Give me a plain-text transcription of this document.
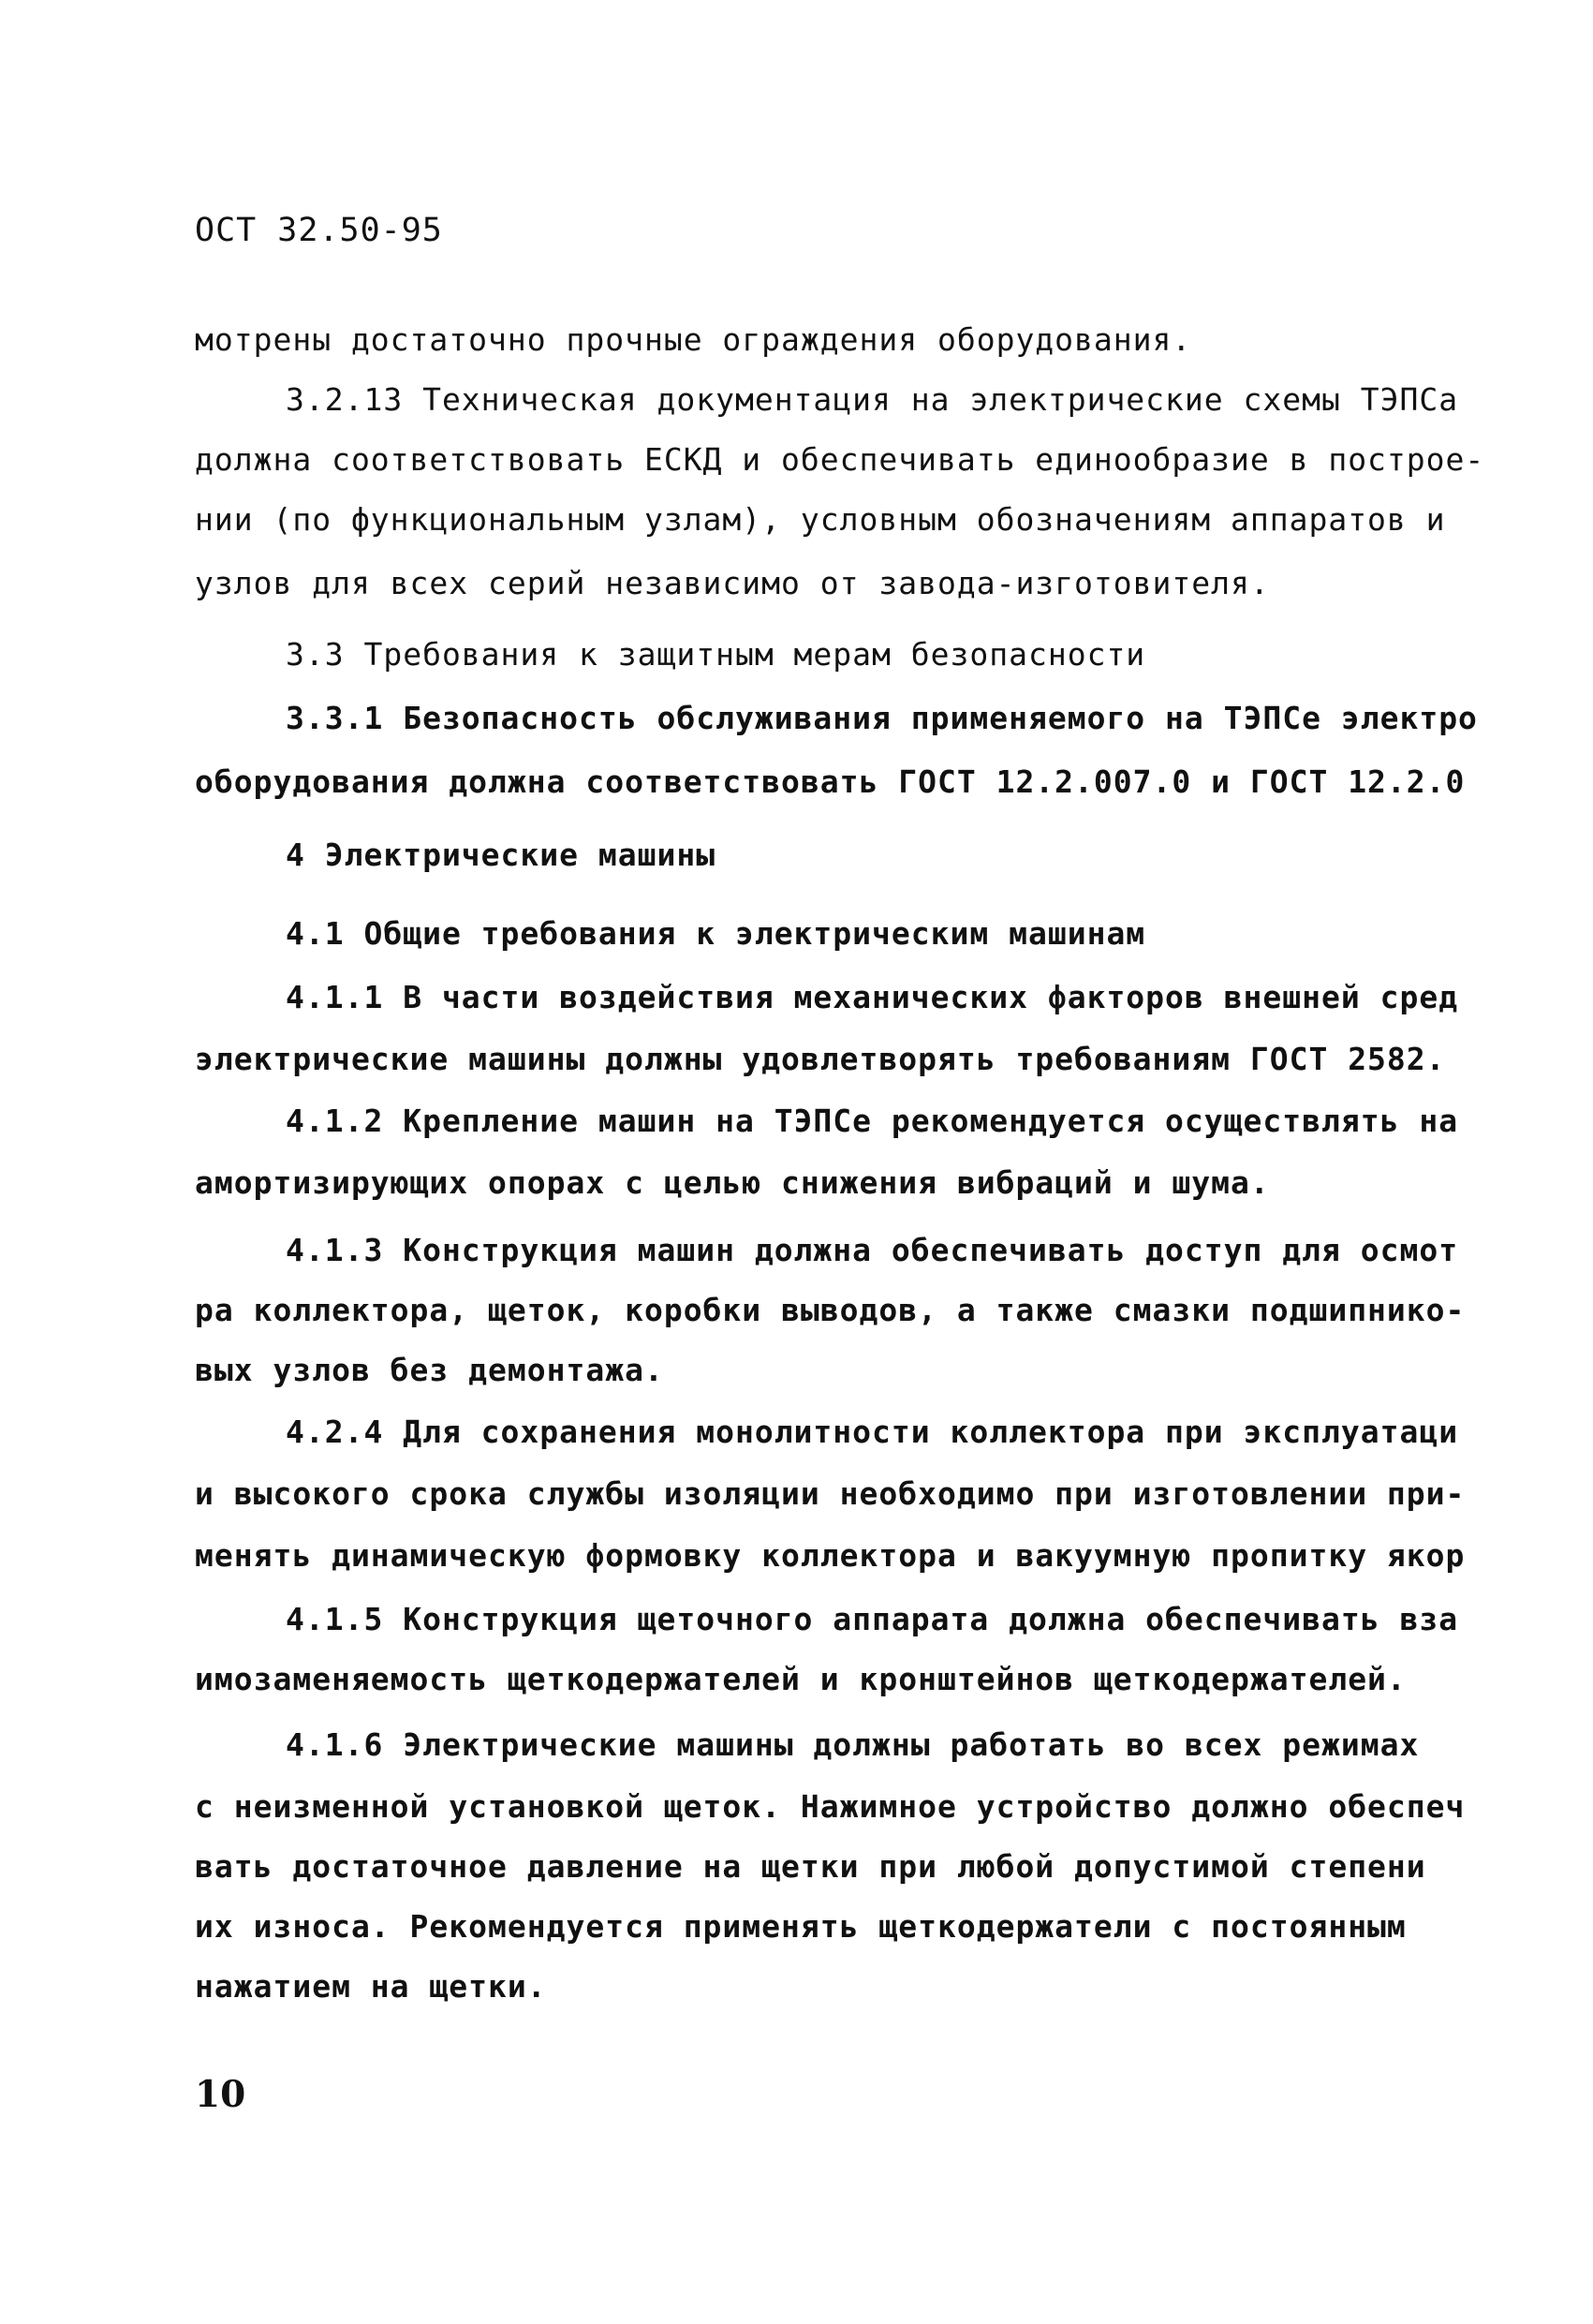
ОСТ 32.50-95
мотрены достаточно прочные ограждения оборудования.
3.2.13 Техническая документация на электрические схемы ТЭПСа
должна соответствовать ЕСКД и обеспечивать единообразие в построе-
нии (по функциональным узлам), условным обозначениям аппаратов и
узлов для всех серий независимо от завода-изготовителя.
3.3 Требования к защитным мерам безопасности
3.3.1 Безопасность обслуживания применяемого на ТЭПСе электро
оборудования должна соответствовать ГОСТ 12.2.007.0 и ГОСТ 12.2.0
4 Электрические машины
4.1 Общие требования к электрическим машинам
4.1.1 В части воздействия механических факторов внешней сред
электрические машины должны удовлетворять требованиям ГОСТ 2582.
4.1.2 Крепление машин на ТЭПСе рекомендуется осуществлять на
амортизирующих опорах с целью снижения вибраций и шума.
4.1.3 Конструкция машин должна обеспечивать доступ для осмот
ра коллектора, щеток, коробки выводов, а также смазки подшипнико-
вых узлов без демонтажа.
4.2.4 Для сохранения монолитности коллектора при эксплуатаци
и высокого срока службы изоляции необходимо при изготовлении при-
менять динамическую формовку коллектора и вакуумную пропитку якор
4.1.5 Конструкция щеточного аппарата должна обеспечивать вза
имозаменяемость щеткодержателей и кронштейнов щеткодержателей.
4.1.6 Электрические машины должны работать во всех режимах
с неизменной установкой щеток. Нажимное устройство должно обеспеч
вать достаточное давление на щетки при любой допустимой степени
их износа. Рекомендуется применять щеткодержатели с постоянным
нажатием на щетки.
10
